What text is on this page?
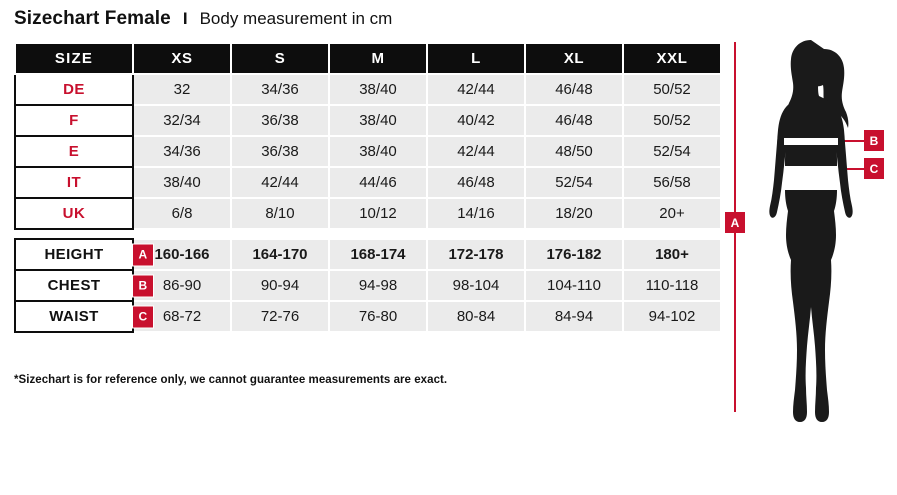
Sizechart Female I Body measurement in cm
SIZE	XS	S	M	L	XL	XXL
DE	32	34/36	38/40	42/44	46/48	50/52
F	32/34	36/38	38/40	40/42	46/48	50/52
E	34/36	36/38	38/40	42/44	48/50	52/54
IT	38/40	42/44	44/46	46/48	52/54	56/58
UK	6/8	8/10	10/12	14/16	18/20	20+

HEIGHT A	160-166	164-170	168-174	172-178	176-182	180+
CHEST B	86-90	90-94	94-98	98-104	104-110	110-118
WAIST C	68-72	72-76	76-80	80-84	84-94	94-102
*Sizechart is for reference only, we cannot guarantee measurements are exact.
A
B
C
